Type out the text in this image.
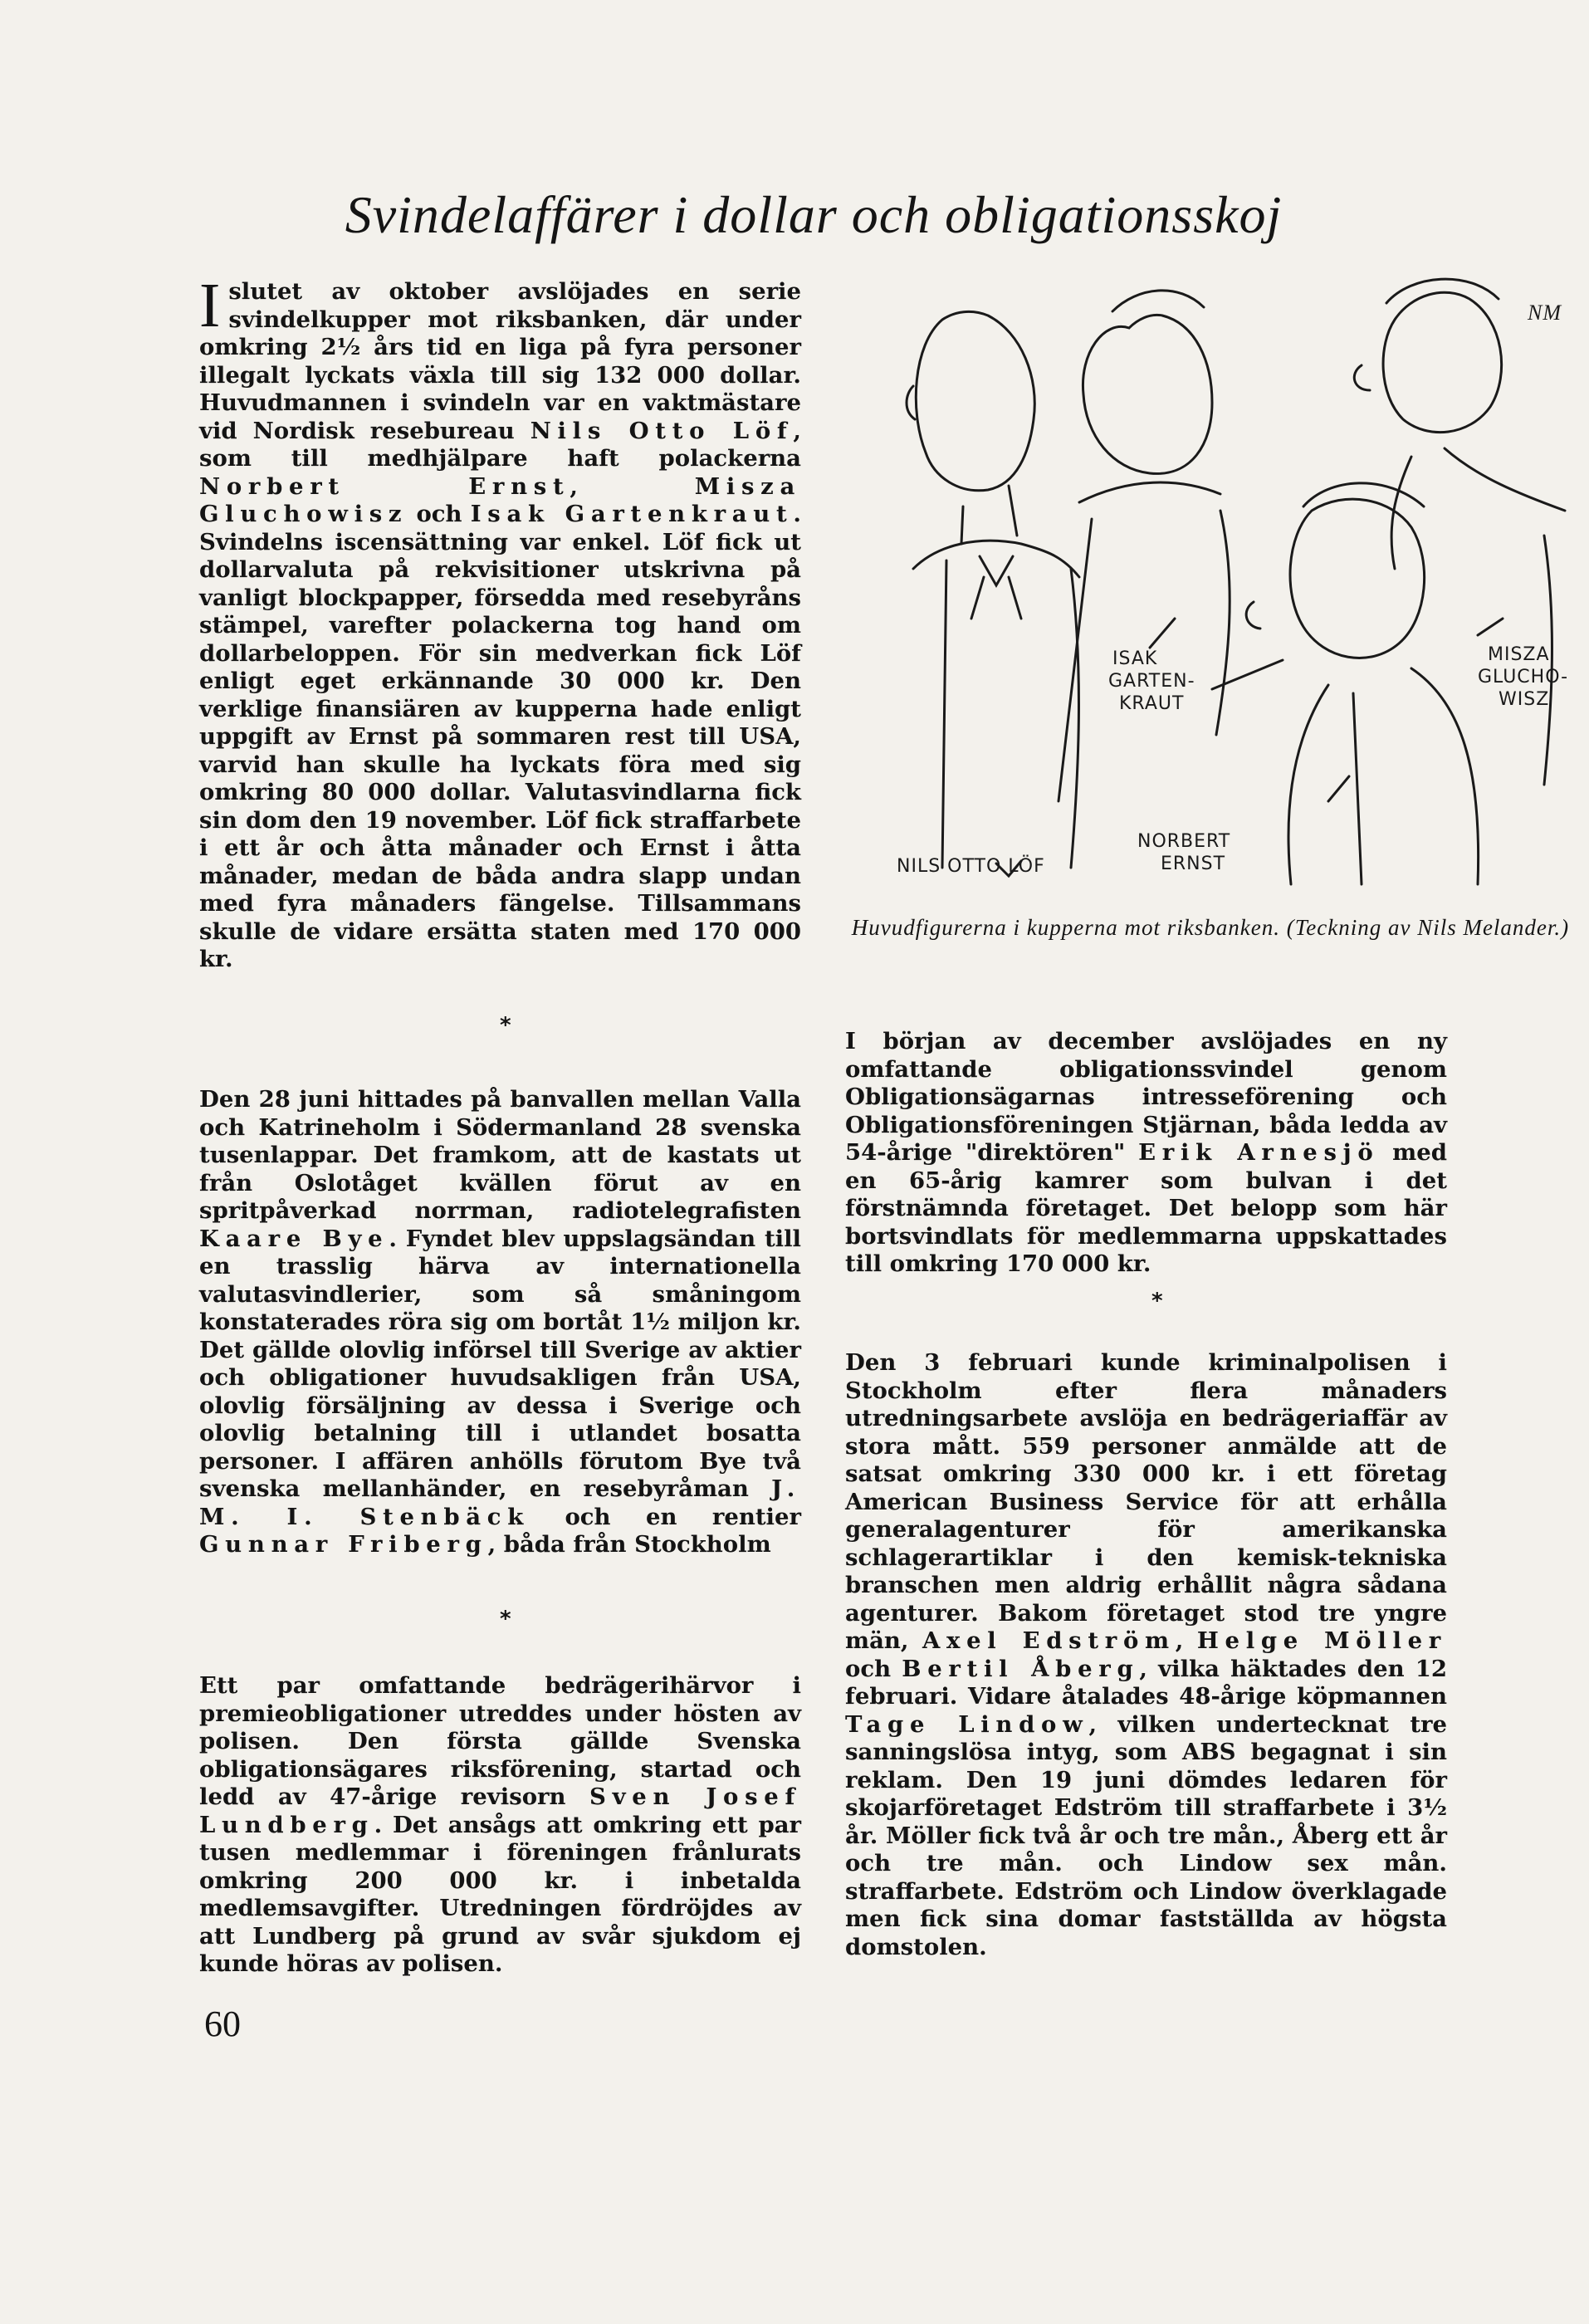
Svindelaffärer i dollar och obligationsskoj

I slutet av oktober avslöjades en serie svindelkupper mot riksbanken, där under omkring 2½ års tid en liga på fyra personer illegalt lyckats växla till sig 132 000 dollar. Huvudmannen i svindeln var en vaktmästare vid Nordisk resebureau Nils Otto Löf, som till medhjälpare haft polackerna Norbert Ernst, Misza Gluchowisz och Isak Gartenkraut. Svindelns iscensättning var enkel. Löf fick ut dollarvaluta på rekvisitioner utskrivna på vanligt blockpapper, försedda med resebyråns stämpel, varefter polackerna tog hand om dollarbeloppen. För sin medverkan fick Löf enligt eget erkännande 30 000 kr. Den verklige finansiären av kupperna hade enligt uppgift av Ernst på sommaren rest till USA, varvid han skulle ha lyckats föra med sig omkring 80 000 dollar. Valutasvindlarna fick sin dom den 19 november. Löf fick straffarbete i ett år och åtta månader och Ernst i åtta månader, medan de båda andra slapp undan med fyra månaders fängelse. Tillsammans skulle de vidare ersätta staten med 170 000 kr.

*

Den 28 juni hittades på banvallen mellan Valla och Katrineholm i Södermanland 28 svenska tusenlappar. Det framkom, att de kastats ut från Oslotåget kvällen förut av en spritpåverkad norrman, radiotelegrafisten Kaare Bye. Fyndet blev uppslagsändan till en trasslig härva av internationella valutasvindlerier, som så småningom konstaterades röra sig om bortåt 1½ miljon kr. Det gällde olovlig införsel till Sverige av aktier och obligationer huvudsakligen från USA, olovlig försäljning av dessa i Sverige och olovlig betalning till i utlandet bosatta personer. I affären anhölls förutom Bye två svenska mellanhänder, en resebyråman J. M. I. Stenbäck och en rentier Gunnar Friberg, båda från Stockholm

*

Ett par omfattande bedrägerihärvor i premieobligationer utreddes under hösten av polisen. Den första gällde Svenska obligationsägares riksförening, startad och ledd av 47-årige revisorn Sven Josef Lundberg. Det ansågs att omkring ett par tusen medlemmar i föreningen frånlurats omkring 200 000 kr. i inbetalda medlemsavgifter. Utredningen fördröjdes av att Lundberg på grund av svår sjukdom ej kunde höras av polisen.

60
ISAK
GARTEN-
KRAUT
MISZA
GLUCHO-
WISZ
NORBERT
ERNST
NILS OTTO LÖF
NM
Huvudfigurerna i kupperna mot riksbanken. (Teckning av Nils Melander.)

I början av december avslöjades en ny omfattande obligationssvindel genom Obligationsägarnas intresseförening och Obligationsföreningen Stjärnan, båda ledda av 54-årige "direktören" Erik Arnesjö med en 65-årig kamrer som bulvan i det förstnämnda företaget. Det belopp som här bortsvindlats för medlemmarna uppskattades till omkring 170 000 kr.

*

Den 3 februari kunde kriminalpolisen i Stockholm efter flera månaders utredningsarbete avslöja en bedrägeriaffär av stora mått. 559 personer anmälde att de satsat omkring 330 000 kr. i ett företag American Business Service för att erhålla generalagenturer för amerikanska schlagerartiklar i den kemisk-tekniska branschen men aldrig erhållit några sådana agenturer. Bakom företaget stod tre yngre män, Axel Edström, Helge Möller och Bertil Åberg, vilka häktades den 12 februari. Vidare åtalades 48-årige köpmannen Tage Lindow, vilken undertecknat tre sanningslösa intyg, som ABS begagnat i sin reklam. Den 19 juni dömdes ledaren för skojarföretaget Edström till straffarbete i 3½ år. Möller fick två år och tre mån., Åberg ett år och tre mån. och Lindow sex mån. straffarbete. Edström och Lindow överklagade men fick sina domar fastställda av högsta domstolen.
